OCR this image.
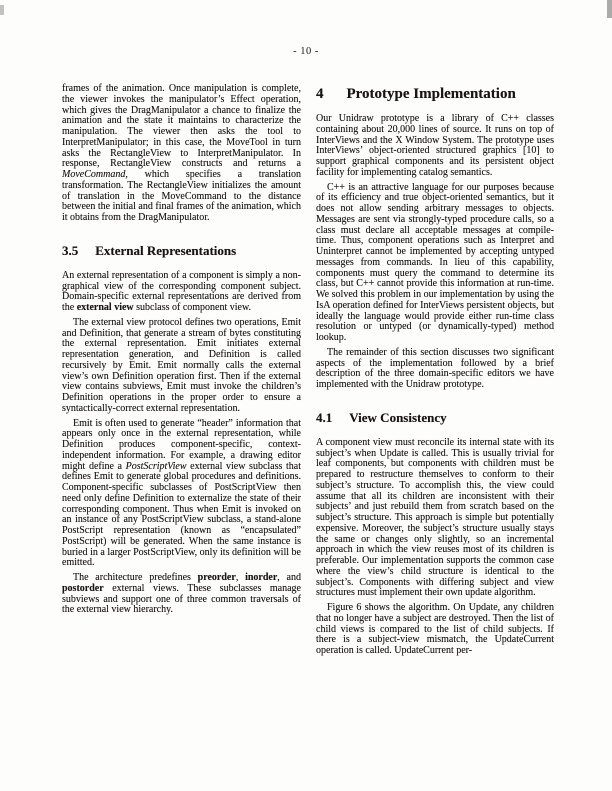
- 10 -

frames of the animation. Once manipulation is complete, the viewer invokes the manipulator’s Effect operation, which gives the DragManipulator a chance to finalize the animation and the state it maintains to characterize the manipulation. The viewer then asks the tool to InterpretManipulator; in this case, the MoveTool in turn asks the RectangleView to InterpretManipulator. In response, RectangleView constructs and returns a MoveCommand, which specifies a translation transformation. The RectangleView initializes the amount of translation in the MoveCommand to the distance between the initial and final frames of the animation, which it obtains from the DragManipulator.

3.5 External Representations

An external representation of a component is simply a non-graphical view of the corresponding component subject. Domain-specific external representations are derived from the external view subclass of component view.

The external view protocol defines two operations, Emit and Definition, that generate a stream of bytes constituting the external representation. Emit initiates external representation generation, and Definition is called recursively by Emit. Emit normally calls the external view’s own Definition operation first. Then if the external view contains subviews, Emit must invoke the children’s Definition operations in the proper order to ensure a syntactically-correct external representation.

Emit is often used to generate “header” information that appears only once in the external representation, while Definition produces component-specific, context-independent information. For example, a drawing editor might define a PostScriptView external view subclass that defines Emit to generate global procedures and definitions. Component-specific subclasses of PostScriptView then need only define Definition to externalize the state of their corresponding component. Thus when Emit is invoked on an instance of any PostScriptView subclass, a stand-alone PostScript representation (known as “encapsulated” PostScript) will be generated. When the same instance is buried in a larger PostScriptView, only its definition will be emitted.

The architecture predefines preorder, inorder, and postorder external views. These subclasses manage subviews and support one of three common traversals of the external view hierarchy.

4 Prototype Implementation

Our Unidraw prototype is a library of C++ classes containing about 20,000 lines of source. It runs on top of InterViews and the X Window System. The prototype uses InterViews’ object-oriented structured graphics [10] to support graphical components and its persistent object facility for implementing catalog semantics.

C++ is an attractive language for our purposes because of its efficiency and true object-oriented semantics, but it does not allow sending arbitrary messages to objects. Messages are sent via strongly-typed procedure calls, so a class must declare all acceptable messages at compile-time. Thus, component operations such as Interpret and Uninterpret cannot be implemented by accepting untyped messages from commands. In lieu of this capability, components must query the command to determine its class, but C++ cannot provide this information at run-time. We solved this problem in our implementation by using the IsA operation defined for InterViews persistent objects, but ideally the language would provide either run-time class resolution or untyped (or dynamically-typed) method lookup.

The remainder of this section discusses two significant aspects of the implementation followed by a brief description of the three domain-specific editors we have implemented with the Unidraw prototype.

4.1 View Consistency

A component view must reconcile its internal state with its subject’s when Update is called. This is usually trivial for leaf components, but components with children must be prepared to restructure themselves to conform to their subject’s structure. To accomplish this, the view could assume that all its children are inconsistent with their subjects’ and just rebuild them from scratch based on the subject’s structure. This approach is simple but potentially expensive. Moreover, the subject’s structure usually stays the same or changes only slightly, so an incremental approach in which the view reuses most of its children is preferable. Our implementation supports the common case where the view’s child structure is identical to the subject’s. Components with differing subject and view structures must implement their own update algorithm.

Figure 6 shows the algorithm. On Update, any children that no longer have a subject are destroyed. Then the list of child views is compared to the list of child subjects. If there is a subject-view mismatch, the UpdateCurrent operation is called. UpdateCurrent per-
